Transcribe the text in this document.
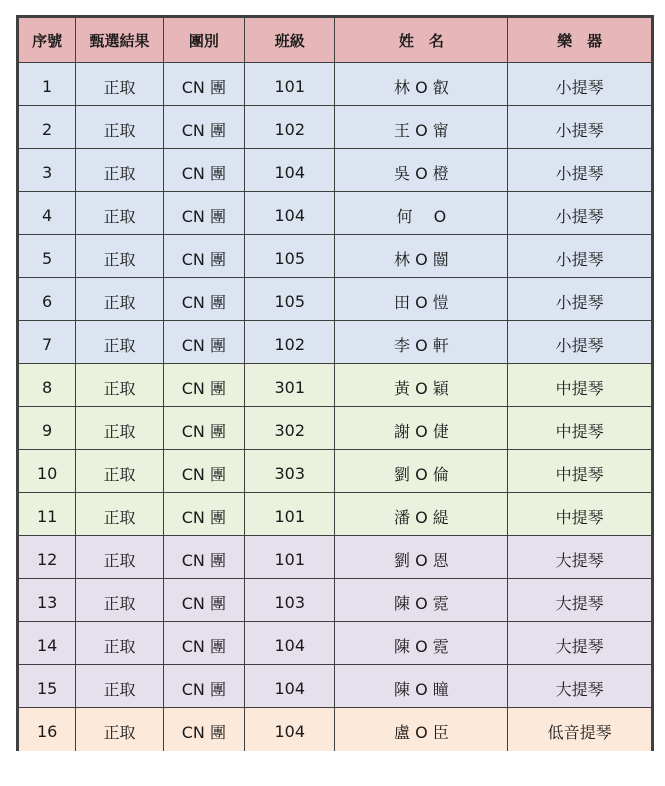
序號	甄選結果	團別	班級	姓　名	樂　器
1	正取	CN 團	101	林 O 叡	小提琴
2	正取	CN 團	102	王 O 甯	小提琴
3	正取	CN 團	104	吳 O 橙	小提琴
4	正取	CN 團	104	何　 O	小提琴
5	正取	CN 團	105	林 O 闓	小提琴
6	正取	CN 團	105	田 O 愷	小提琴
7	正取	CN 團	102	李 O 軒	小提琴
8	正取	CN 團	301	黃 O 穎	中提琴
9	正取	CN 團	302	謝 O 倢	中提琴
10	正取	CN 團	303	劉 O 倫	中提琴
11	正取	CN 團	101	潘 O 緹	中提琴
12	正取	CN 團	101	劉 O 恩	大提琴
13	正取	CN 團	103	陳 O 霓	大提琴
14	正取	CN 團	104	陳 O 霓	大提琴
15	正取	CN 團	104	陳 O 瞳	大提琴
16	正取	CN 團	104	盧 O 臣	低音提琴
